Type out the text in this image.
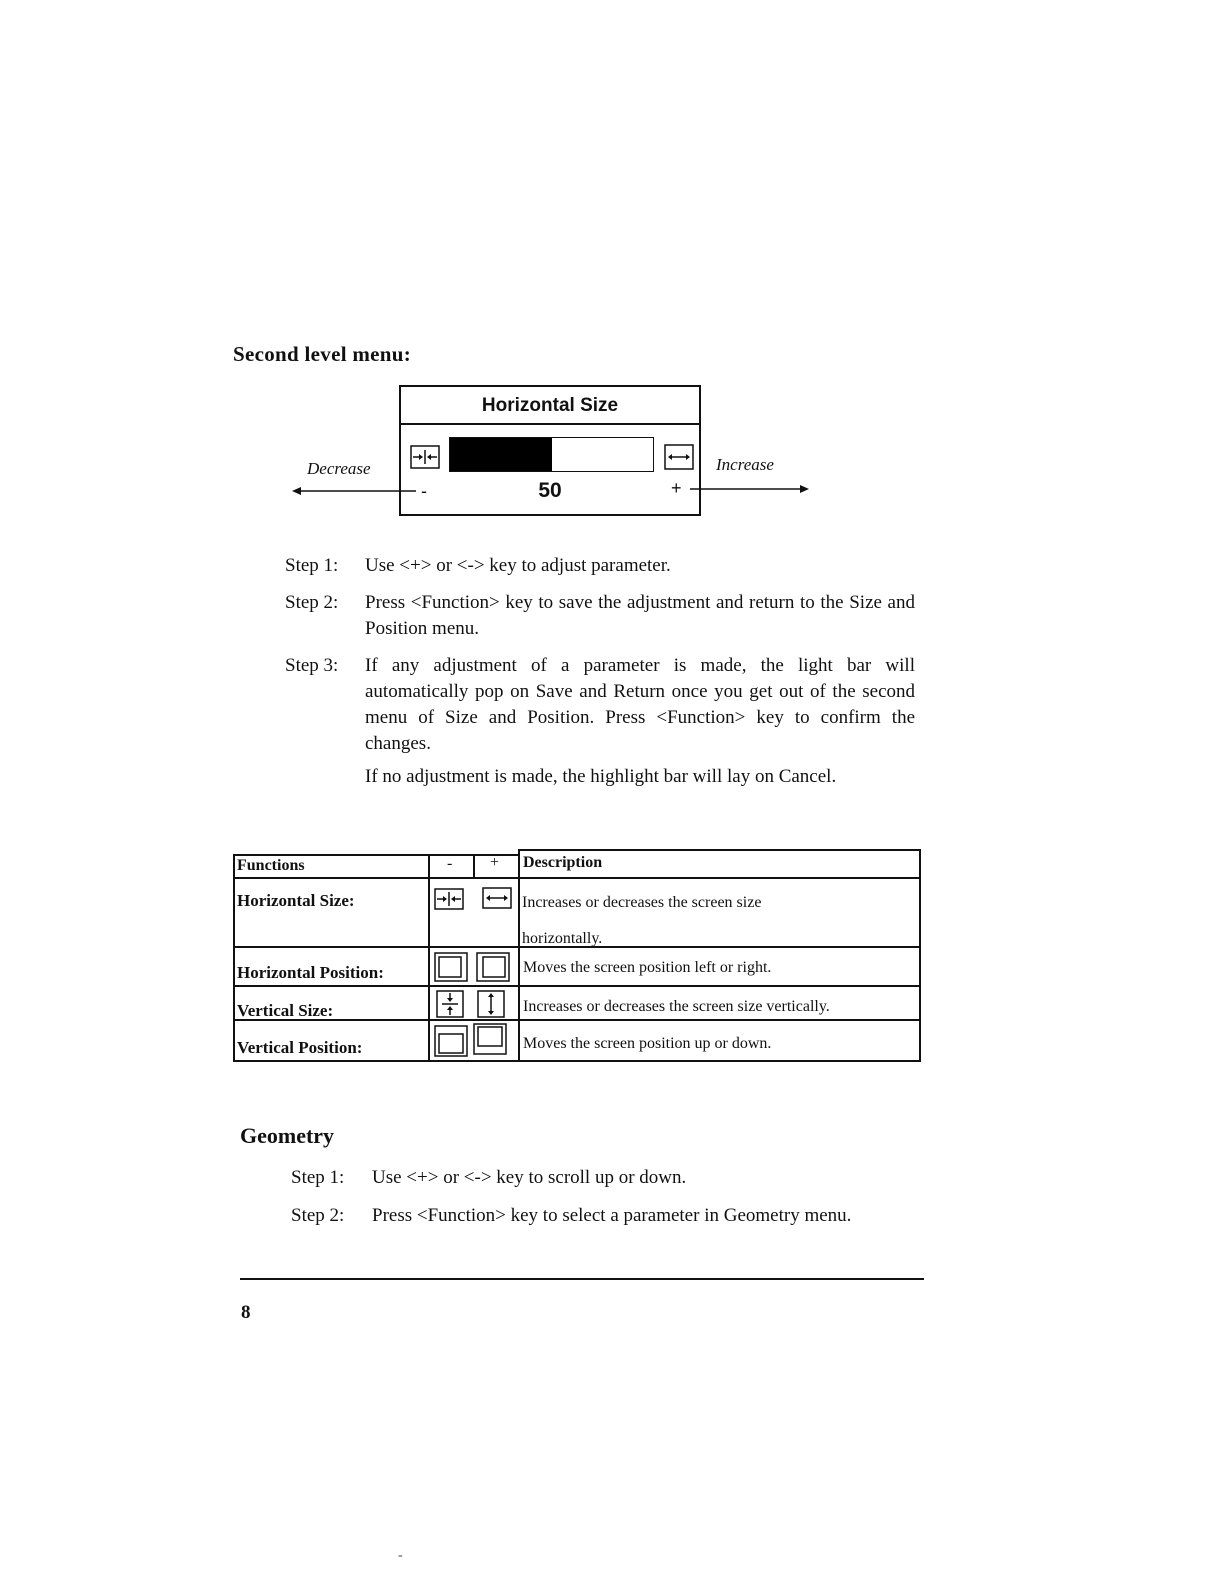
Second level menu:
Horizontal Size
-	50	+
Decrease	Increase
Step 1: Use <+> or <-> key to adjust parameter.
Step 2: Press <Function> key to save the adjustment and return to the Size and Position menu.
Step 3: If any adjustment of a parameter is made, the light bar will automatically pop on Save and Return once you get out of the second menu of Size and Position. Press <Function> key to confirm the changes.
If no adjustment is made, the highlight bar will lay on Cancel.
Functions	- + Description
Horizontal Size:	Increases or decreases the screen size horizontally.
Horizontal Position:	Moves the screen position left or right.
Vertical Size:	Increases or decreases the screen size vertically.
Vertical Position:	Moves the screen position up or down.
Geometry
Step 1: Use <+> or <-> key to scroll up or down.
Step 2: Press <Function> key to select a parameter in Geometry menu.
8
-
